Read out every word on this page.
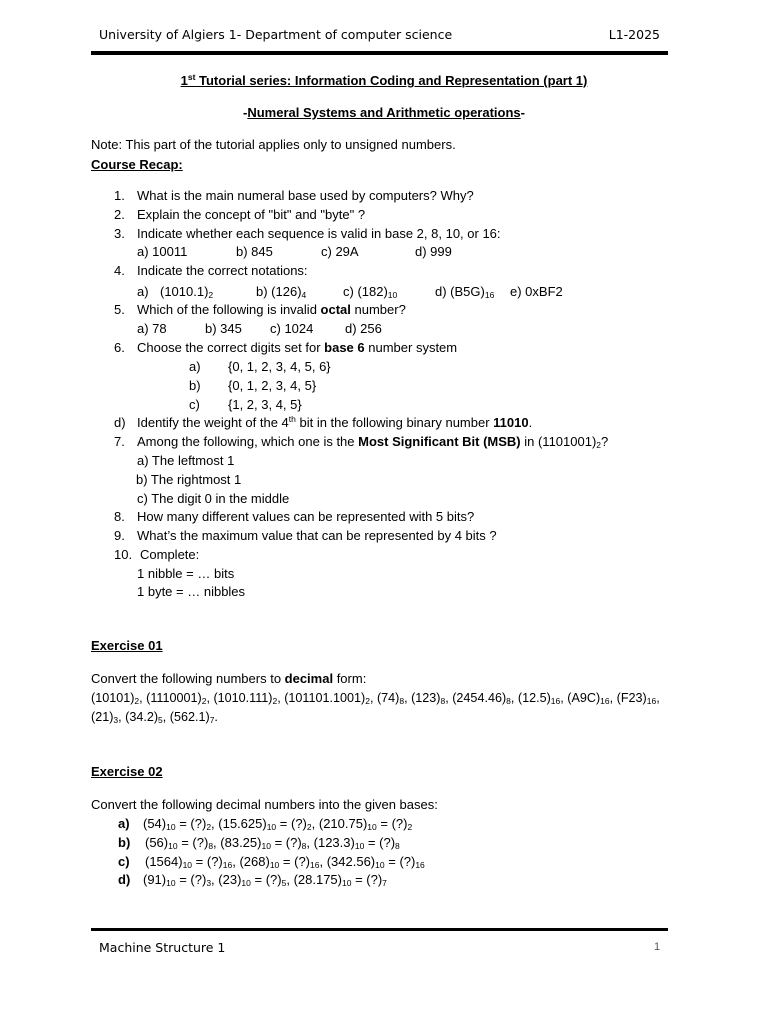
University of Algiers 1- Department of computer science	L1-2025
1st Tutorial series: Information Coding and Representation (part 1)
-Numeral Systems and Arithmetic operations-
Note: This part of the tutorial applies only to unsigned numbers.
Course Recap:
1. What is the main numeral base used by computers? Why?
2. Explain the concept of "bit" and "byte" ?
3. Indicate whether each sequence is valid in base 2, 8, 10, or 16:
a) 10011	b) 845	c) 29A	d) 999
4. Indicate the correct notations:
a) $(1010.1)_2$	b) $(126)_4$	c) $(182)_{10}$	d) $(B5G)_{16}$ e) 0xBF2
5. Which of the following is invalid octal number?
a) 78	b) 345 c) 1024 d) 256
6. Choose the correct digits set for base 6 number system
a) {0, 1, 2, 3, 4, 5, 6}
b) {0, 1, 2, 3, 4, 5}
c) {1, 2, 3, 4, 5}
d) Identify the weight of the 4th bit in the following binary number 11010.
7. Among the following, which one is the Most Significant Bit (MSB) in $(1101001)_2$?
a) The leftmost 1
b) The rightmost 1
c) The digit 0 in the middle
8. How many different values can be represented with 5 bits?
9. What’s the maximum value that can be represented by 4 bits ?
10. Complete:
1 nibble = … bits
1 byte = … nibbles
Exercise 01
Convert the following numbers to decimal form:
$(10101)_2$, $(1110001)_2$, $(1010.111)_2$, $(101101.1001)_2$, $(74)_8$, $(123)_8$, $(2454.46)_8$, $(12.5)_{16}$, $(A9C)_{16}$, $(F23)_{16}$,
$(21)_3$, $(34.2)_5$, $(562.1)_7$.
Exercise 02
Convert the following decimal numbers into the given bases:
a) $(54)_{10}$ = $(?)_2$, $(15.625)_{10}$ = $(?)_2$, $(210.75)_{10}$ = $(?)_2$
b) $(56)_{10}$ = $(?)_8$, $(83.25)_{10}$ = $(?)_8$, $(123.3)_{10}$ = $(?)_8$
c) $(1564)_{10}$ = $(?)_{16}$, $(268)_{10}$ = $(?)_{16}$, $(342.56)_{10}$ = $(?)_{16}$
d) $(91)_{10}$ = $(?)_3$, $(23)_{10}$ = $(?)_5$, $(28.175)_{10}$ = $(?)_7$
Machine Structure 1	1
